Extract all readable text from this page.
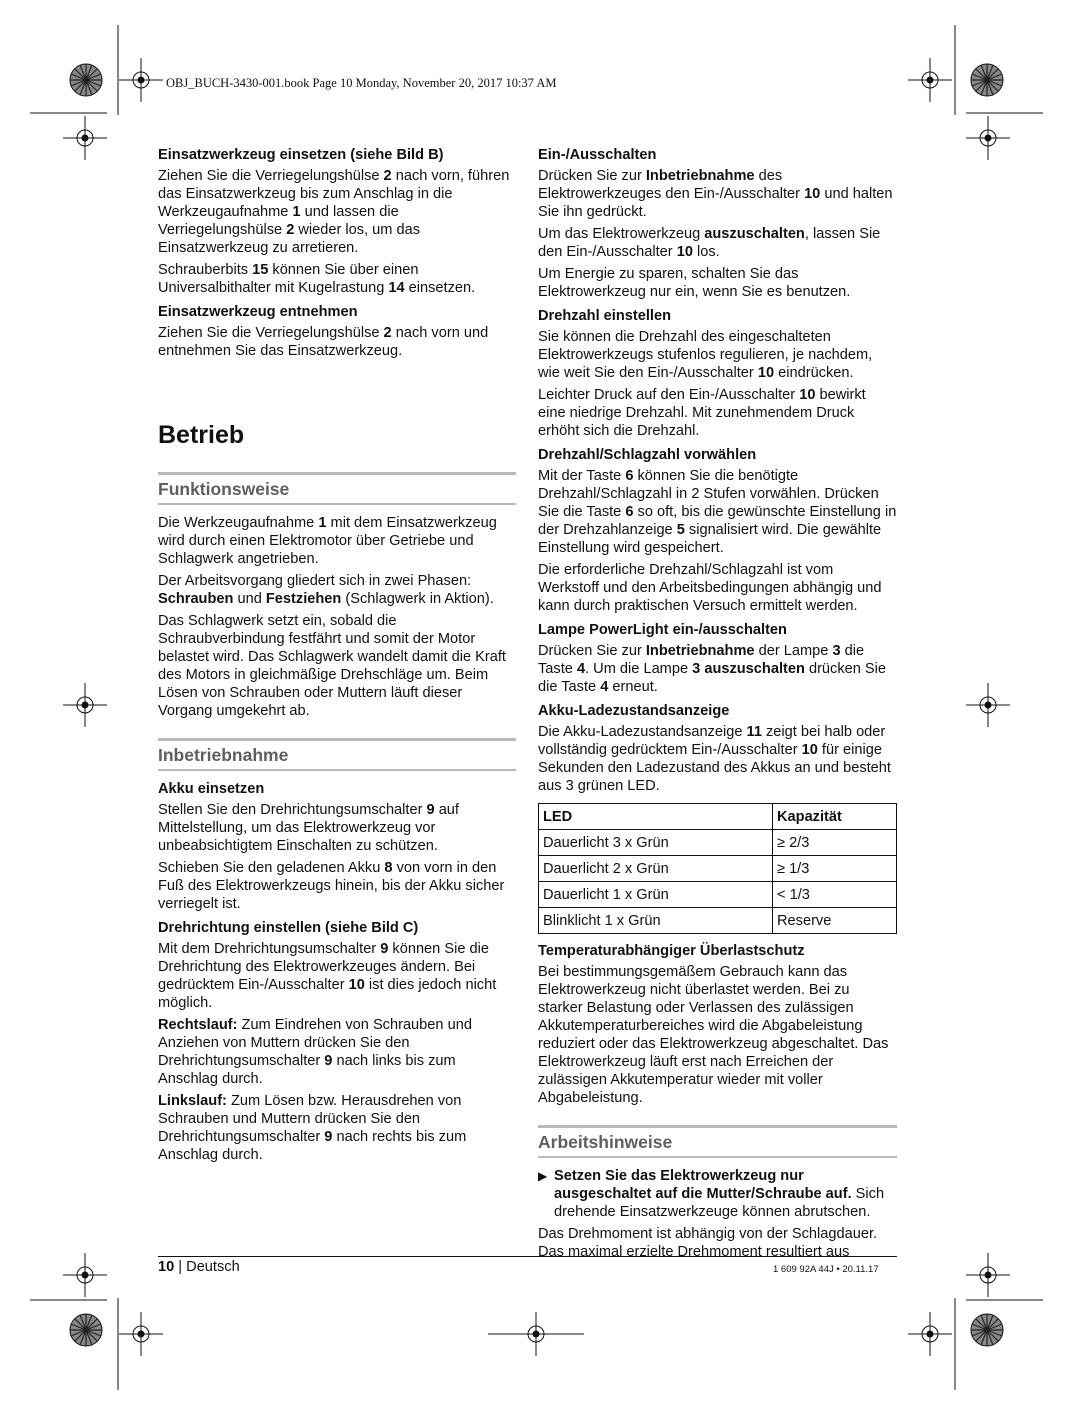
OBJ_BUCH-3430-001.book Page 10 Monday, November 20, 2017 10:37 AM
Einsatzwerkzeug einsetzen (siehe Bild B)

Ziehen Sie die Verriegelungshülse 2 nach vorn, führen das Einsatzwerkzeug bis zum Anschlag in die Werkzeugaufnahme 1 und lassen die Verriegelungshülse 2 wieder los, um das Einsatzwerkzeug zu arretieren.

Schrauberbits 15 können Sie über einen Universalbithalter mit Kugelrastung 14 einsetzen.

Einsatzwerkzeug entnehmen

Ziehen Sie die Verriegelungshülse 2 nach vorn und entnehmen Sie das Einsatzwerkzeug.

Betrieb
Funktionsweise

Die Werkzeugaufnahme 1 mit dem Einsatzwerkzeug wird durch einen Elektromotor über Getriebe und Schlagwerk angetrieben.

Der Arbeitsvorgang gliedert sich in zwei Phasen: Schrauben und Festziehen (Schlagwerk in Aktion).

Das Schlagwerk setzt ein, sobald die Schraubverbindung festfährt und somit der Motor belastet wird. Das Schlagwerk wandelt damit die Kraft des Motors in gleichmäßige Drehschläge um. Beim Lösen von Schrauben oder Muttern läuft dieser Vorgang umgekehrt ab.

Inbetriebnahme
Akku einsetzen

Stellen Sie den Drehrichtungsumschalter 9 auf Mittelstellung, um das Elektrowerkzeug vor unbeabsichtigtem Einschalten zu schützen.

Schieben Sie den geladenen Akku 8 von vorn in den Fuß des Elektrowerkzeugs hinein, bis der Akku sicher verriegelt ist.

Drehrichtung einstellen (siehe Bild C)

Mit dem Drehrichtungsumschalter 9 können Sie die Drehrichtung des Elektrowerkzeuges ändern. Bei gedrücktem Ein-/Ausschalter 10 ist dies jedoch nicht möglich.

Rechtslauf: Zum Eindrehen von Schrauben und Anziehen von Muttern drücken Sie den Drehrichtungsumschalter 9 nach links bis zum Anschlag durch.

Linkslauf: Zum Lösen bzw. Herausdrehen von Schrauben und Muttern drücken Sie den Drehrichtungsumschalter 9 nach rechts bis zum Anschlag durch.

Ein-/Ausschalten

Drücken Sie zur Inbetriebnahme des Elektrowerkzeuges den Ein-/Ausschalter 10 und halten Sie ihn gedrückt.

Um das Elektrowerkzeug auszuschalten, lassen Sie den Ein-/Ausschalter 10 los.

Um Energie zu sparen, schalten Sie das Elektrowerkzeug nur ein, wenn Sie es benutzen.

Drehzahl einstellen

Sie können die Drehzahl des eingeschalteten Elektrowerkzeugs stufenlos regulieren, je nachdem, wie weit Sie den Ein-/Ausschalter 10 eindrücken.

Leichter Druck auf den Ein-/Ausschalter 10 bewirkt eine niedrige Drehzahl. Mit zunehmendem Druck erhöht sich die Drehzahl.

Drehzahl/Schlagzahl vorwählen

Mit der Taste 6 können Sie die benötigte Drehzahl/Schlagzahl in 2 Stufen vorwählen. Drücken Sie die Taste 6 so oft, bis die gewünschte Einstellung in der Drehzahlanzeige 5 signalisiert wird. Die gewählte Einstellung wird gespeichert.

Die erforderliche Drehzahl/Schlagzahl ist vom Werkstoff und den Arbeitsbedingungen abhängig und kann durch praktischen Versuch ermittelt werden.

Lampe PowerLight ein-/ausschalten

Drücken Sie zur Inbetriebnahme der Lampe 3 die Taste 4. Um die Lampe 3 auszuschalten drücken Sie die Taste 4 erneut.

Akku-Ladezustandsanzeige

Die Akku-Ladezustandsanzeige 11 zeigt bei halb oder vollständig gedrücktem Ein-/Ausschalter 10 für einige Sekunden den Ladezustand des Akkus an und besteht aus 3 grünen LED.

LED	Kapazität
Dauerlicht 3 x Grün	≥ 2/3
Dauerlicht 2 x Grün	≥ 1/3
Dauerlicht 1 x Grün	< 1/3
Blinklicht 1 x Grün	Reserve
Temperaturabhängiger Überlastschutz

Bei bestimmungsgemäßem Gebrauch kann das Elektrowerkzeug nicht überlastet werden. Bei zu starker Belastung oder Verlassen des zulässigen Akkutemperaturbereiches wird die Abgabeleistung reduziert oder das Elektrowerkzeug abgeschaltet. Das Elektrowerkzeug läuft erst nach Erreichen der zulässigen Akkutemperatur wieder mit voller Abgabeleistung.

Arbeitshinweise
▶ Setzen Sie das Elektrowerkzeug nur ausgeschaltet auf die Mutter/Schraube auf. Sich drehende Einsatzwerkzeuge können abrutschen.

Das Drehmoment ist abhängig von der Schlagdauer. Das maximal erzielte Drehmoment resultiert aus

10 | Deutsch	1 609 92A 44J • 20.11.17
